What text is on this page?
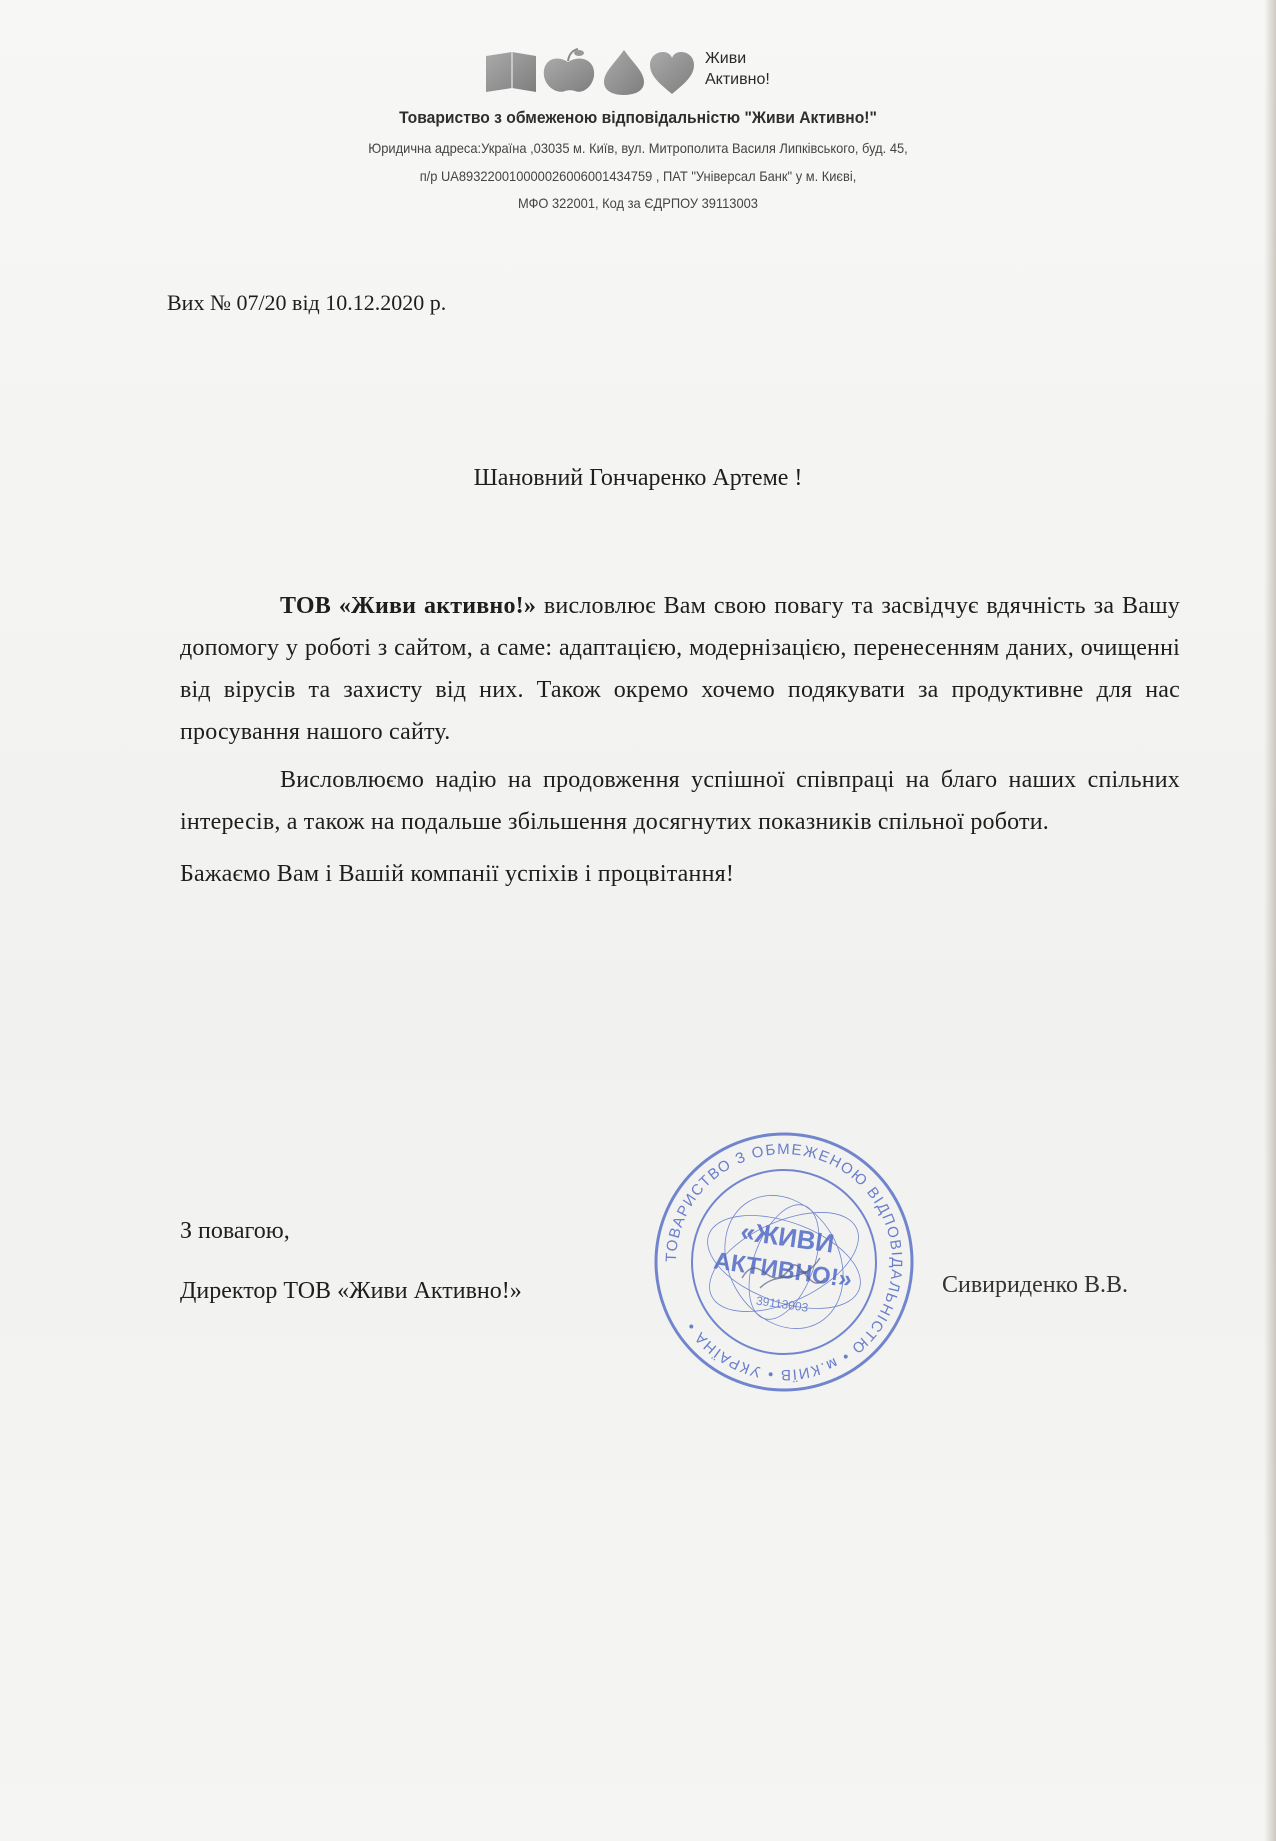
Живи
Активно!
Товариство з обмеженою відповідальністю "Живи Активно!"
Юридична адреса:Україна ,03035 м. Київ, вул. Митрополита Василя Липківського, буд. 45,
п/р UA893220010000026006001434759 , ПАТ "Універсал Банк" у м. Києві,
МФО 322001, Код за ЄДРПОУ 39113003
Вих № 07/20 від 10.12.2020 р.
Шановний Гончаренко Артеме !

ТОВ «Живи активно!» висловлює Вам свою повагу та засвідчує вдячність за Вашу допомогу у роботі з сайтом, а саме: адаптацією, модернізацією, перенесенням даних, очищенні від вірусів та захисту від них. Також окремо хочемо подякувати за продуктивне для нас просування нашого сайту.

Висловлюємо надію на продовження успішної співпраці на благо наших спільних інтересів, а також на подальше збільшення досягнутих показників спільної роботи.

Бажаємо Вам і Вашій компанії успіхів і процвітання!

З повагою,
Директор ТОВ «Живи Активно!»	Сивириденко В.В.
ТОВАРИСТВО З ОБМЕЖЕНОЮ ВІДПОВІДАЛЬНІСТЮ • м.КИЇВ • УКРАЇНА •
«ЖИВИ
АКТИВНО!»
39113003
